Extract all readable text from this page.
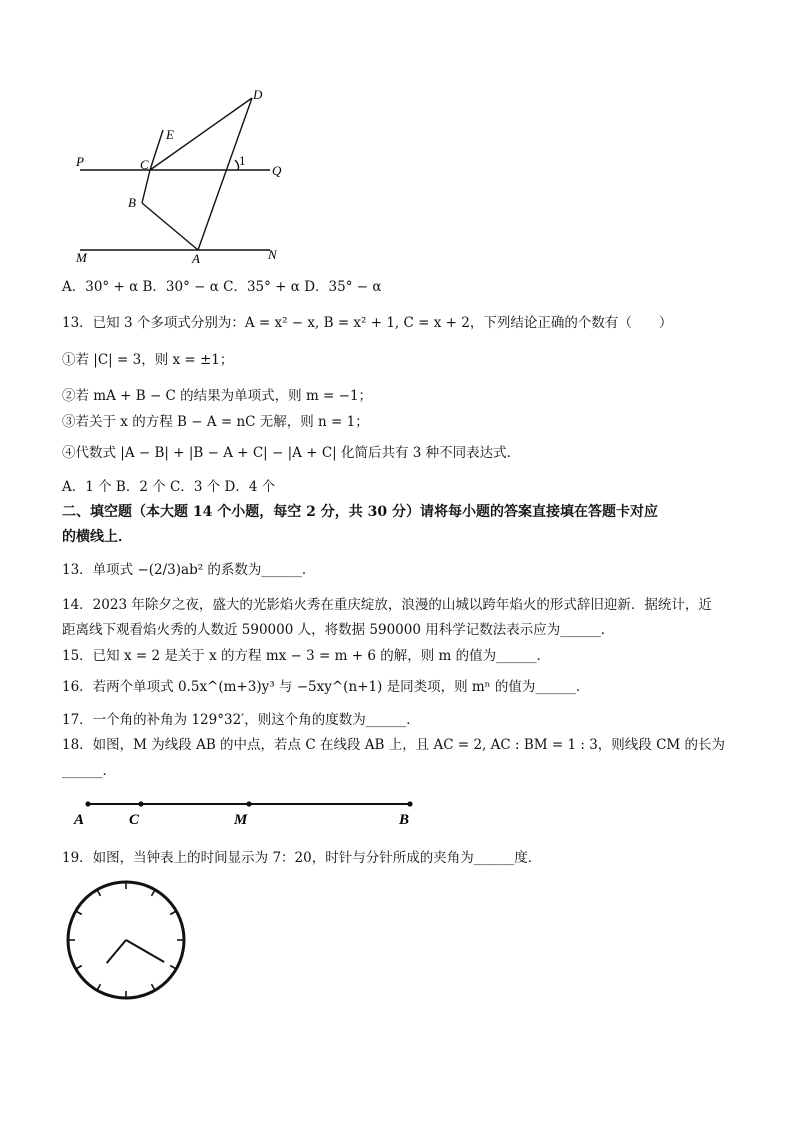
D
E
P	C	1
Q
B
M	A	N
A．30° + α B．30° − α C．35° + α D．35° − α
13．已知 3 个多项式分别为：A = x² − x, B = x² + 1, C = x + 2，下列结论正确的个数有（　　）
①若 |C| = 3，则 x = ±1；
②若 mA + B − C 的结果为单项式，则 m = −1；
③若关于 x 的方程 B − A = nC 无解，则 n = 1；
④代数式 |A − B| + |B − A + C| − |A + C| 化简后共有 3 种不同表达式．
A．1 个 B．2 个 C．3 个 D．4 个
二、填空题（本大题 14 个小题，每空 2 分，共 30 分）请将每小题的答案直接填在答题卡对应
的横线上．
13．单项式 −(2/3)ab² 的系数为______．
14．2023 年除夕之夜，盛大的光影焰火秀在重庆绽放，浪漫的山城以跨年焰火的形式辞旧迎新．据统计，近
距离线下观看焰火秀的人数近 590000 人，将数据 590000 用科学记数法表示应为______．
15．已知 x = 2 是关于 x 的方程 mx − 3 = m + 6 的解，则 m 的值为______．
16．若两个单项式 0.5x^(m+3)y³ 与 −5xy^(n+1) 是同类项，则 mⁿ 的值为______．
17．一个角的补角为 129°32′，则这个角的度数为______．
18．如图，M 为线段 AB 的中点，若点 C 在线段 AB 上，且 AC = 2, AC : BM = 1 : 3，则线段 CM 的长为
______．
A	C	M	B
19．如图，当钟表上的时间显示为 7：20，时针与分针所成的夹角为______度．
